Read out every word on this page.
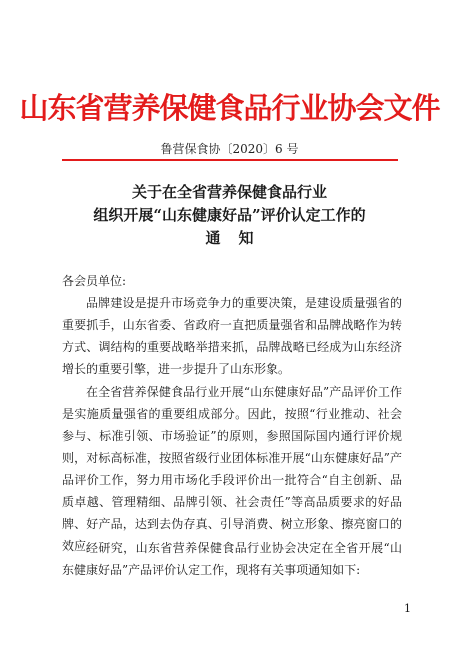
山东省营养保健食品行业协会文件
鲁营保食协〔2020〕6 号
关于在全省营养保健食品行业
组织开展“山东健康好品”评价认定工作的
通知
各会员单位:
品牌建设是提升市场竞争力的重要决策，是建设质量强省的重要抓手，山东省委、省政府一直把质量强省和品牌战略作为转方式、调结构的重要战略举措来抓，品牌战略已经成为山东经济增长的重要引擎，进一步提升了山东形象。
在全省营养保健食品行业开展“山东健康好品”产品评价工作是实施质量强省的重要组成部分。因此，按照“行业推动、社会参与、标准引领、市场验证”的原则，参照国际国内通行评价规则，对标高标准，按照省级行业团体标准开展“山东健康好品”产品评价工作，努力用市场化手段评价出一批符合“自主创新、品质卓越、管理精细、品牌引领、社会责任”等高品质要求的好品牌、好产品，达到去伪存真、引导消费、树立形象、擦亮窗口的效应。
经研究，山东省营养保健食品行业协会决定在全省开展“山东健康好品”产品评价认定工作，现将有关事项通知如下:
1
